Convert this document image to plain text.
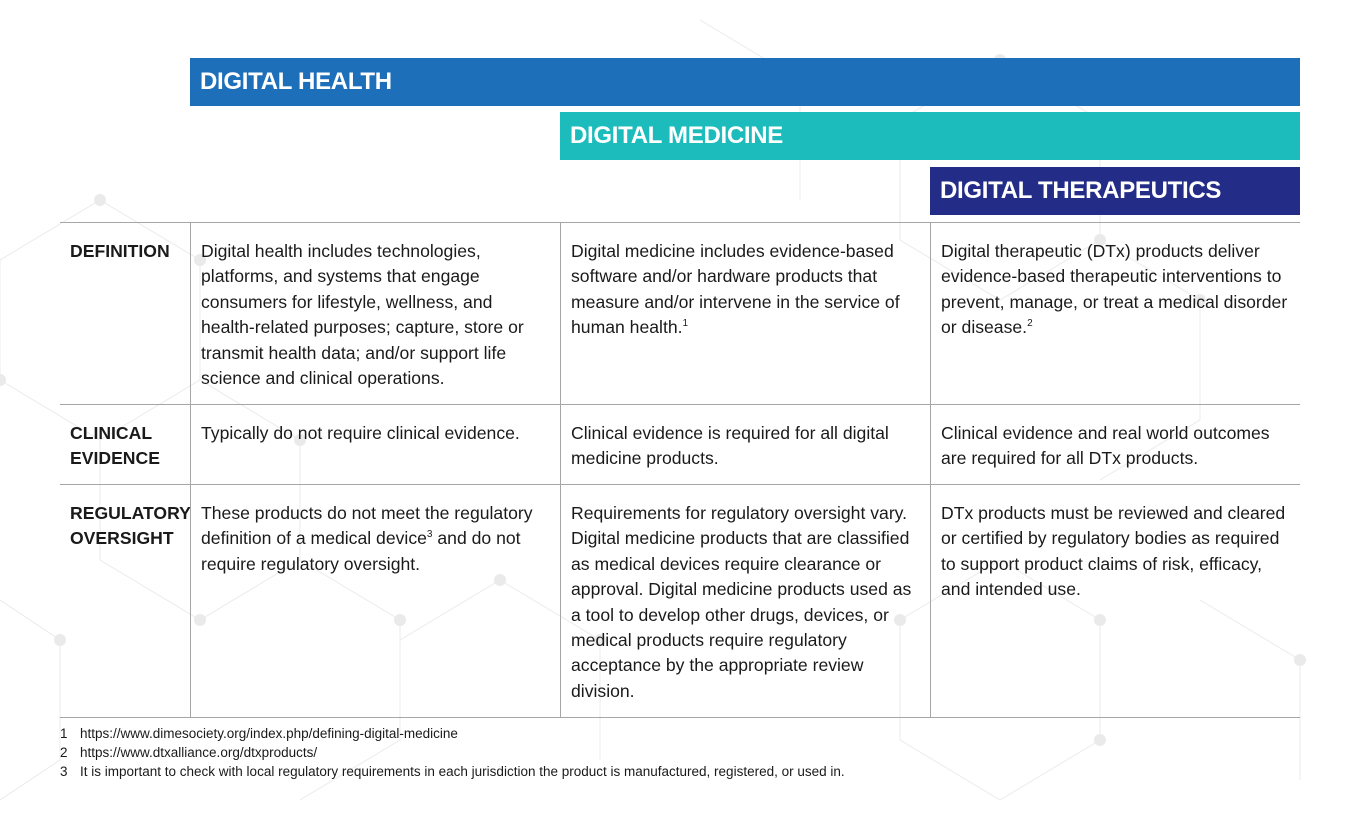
DIGITAL HEALTH
DIGITAL MEDICINE
DIGITAL THERAPEUTICS
DEFINITION	Digital health includes technologies, platforms, and systems that engage consumers for lifestyle, wellness, and health-related purposes; capture, store or transmit health data; and/or support life science and clinical operations.
Digital medicine includes evidence-based software and/or hardware products that measure and/or intervene in the service of human health.$^1$
Digital therapeutic (DTx) products deliver evidence-based therapeutic interventions to prevent, manage, or treat a medical disorder or disease.$^2$
CLINICAL
EVIDENCE
Typically do not require clinical evidence.	Clinical evidence is required for all digital medicine products.
Clinical evidence and real world outcomes are required for all DTx products.
REGULATORY
OVERSIGHT
These products do not meet the regulatory definition of a medical device$^3$ and do not require regulatory oversight.
Requirements for regulatory oversight vary. Digital medicine products that are classified as medical devices require clearance or approval. Digital medicine products used as a tool to develop other drugs, devices, or medical products require regulatory acceptance by the appropriate review division.
DTx products must be reviewed and cleared or certified by regulatory bodies as required to support product claims of risk, efficacy, and intended use.
1 https://www.dimesociety.org/index.php/defining-digital-medicine
2 https://www.dtxalliance.org/dtxproducts/
3 It is important to check with local regulatory requirements in each jurisdiction the product is manufactured, registered, or used in.
